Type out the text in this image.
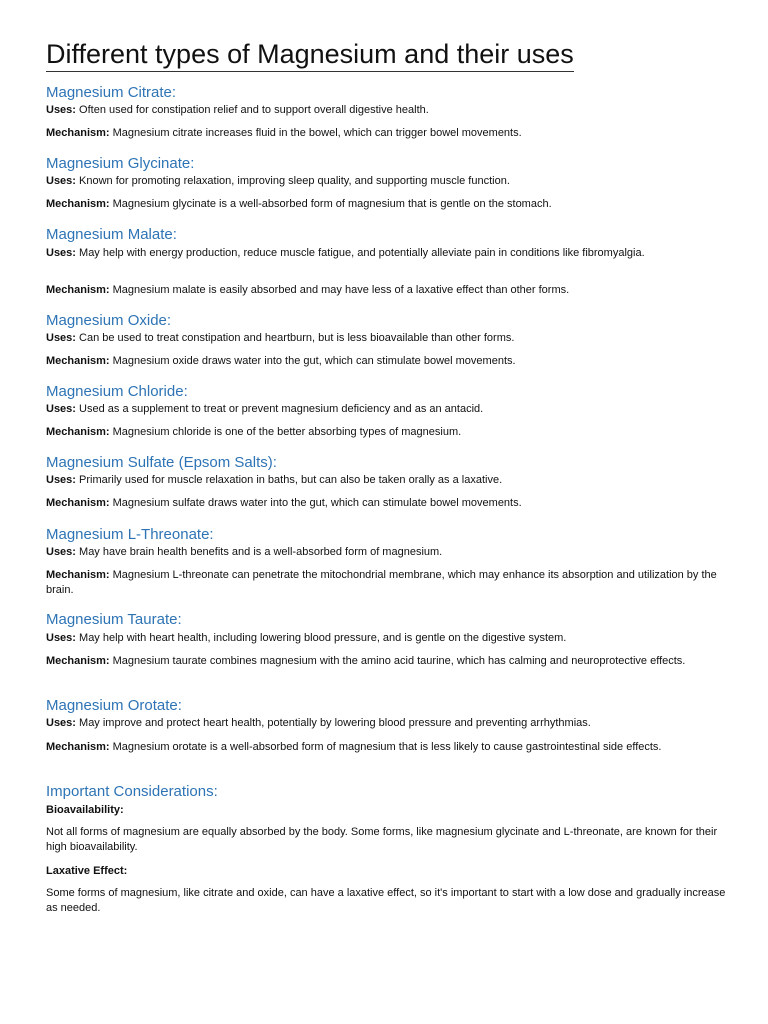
Different types of Magnesium and their uses
Magnesium Citrate:

Uses: Often used for constipation relief and to support overall digestive health.

Mechanism: Magnesium citrate increases fluid in the bowel, which can trigger bowel movements.

Magnesium Glycinate:

Uses: Known for promoting relaxation, improving sleep quality, and supporting muscle function.

Mechanism: Magnesium glycinate is a well-absorbed form of magnesium that is gentle on the stomach.

Magnesium Malate:

Uses: May help with energy production, reduce muscle fatigue, and potentially alleviate pain in conditions like fibromyalgia.

Mechanism: Magnesium malate is easily absorbed and may have less of a laxative effect than other forms.

Magnesium Oxide:

Uses: Can be used to treat constipation and heartburn, but is less bioavailable than other forms.

Mechanism: Magnesium oxide draws water into the gut, which can stimulate bowel movements.

Magnesium Chloride:

Uses: Used as a supplement to treat or prevent magnesium deficiency and as an antacid.

Mechanism: Magnesium chloride is one of the better absorbing types of magnesium.

Magnesium Sulfate (Epsom Salts):

Uses: Primarily used for muscle relaxation in baths, but can also be taken orally as a laxative.

Mechanism: Magnesium sulfate draws water into the gut, which can stimulate bowel movements.

Magnesium L-Threonate:

Uses: May have brain health benefits and is a well-absorbed form of magnesium.

Mechanism: Magnesium L-threonate can penetrate the mitochondrial membrane, which may enhance its absorption and utilization by the brain.

Magnesium Taurate:

Uses: May help with heart health, including lowering blood pressure, and is gentle on the digestive system.

Mechanism: Magnesium taurate combines magnesium with the amino acid taurine, which has calming and neuroprotective effects.

Magnesium Orotate:

Uses: May improve and protect heart health, potentially by lowering blood pressure and preventing arrhythmias.

Mechanism: Magnesium orotate is a well-absorbed form of magnesium that is less likely to cause gastrointestinal side effects.

Important Considerations:

Bioavailability:

Not all forms of magnesium are equally absorbed by the body. Some forms, like magnesium glycinate and L-threonate, are known for their high bioavailability.

Laxative Effect:

Some forms of magnesium, like citrate and oxide, can have a laxative effect, so it's important to start with a low dose and gradually increase as needed.
